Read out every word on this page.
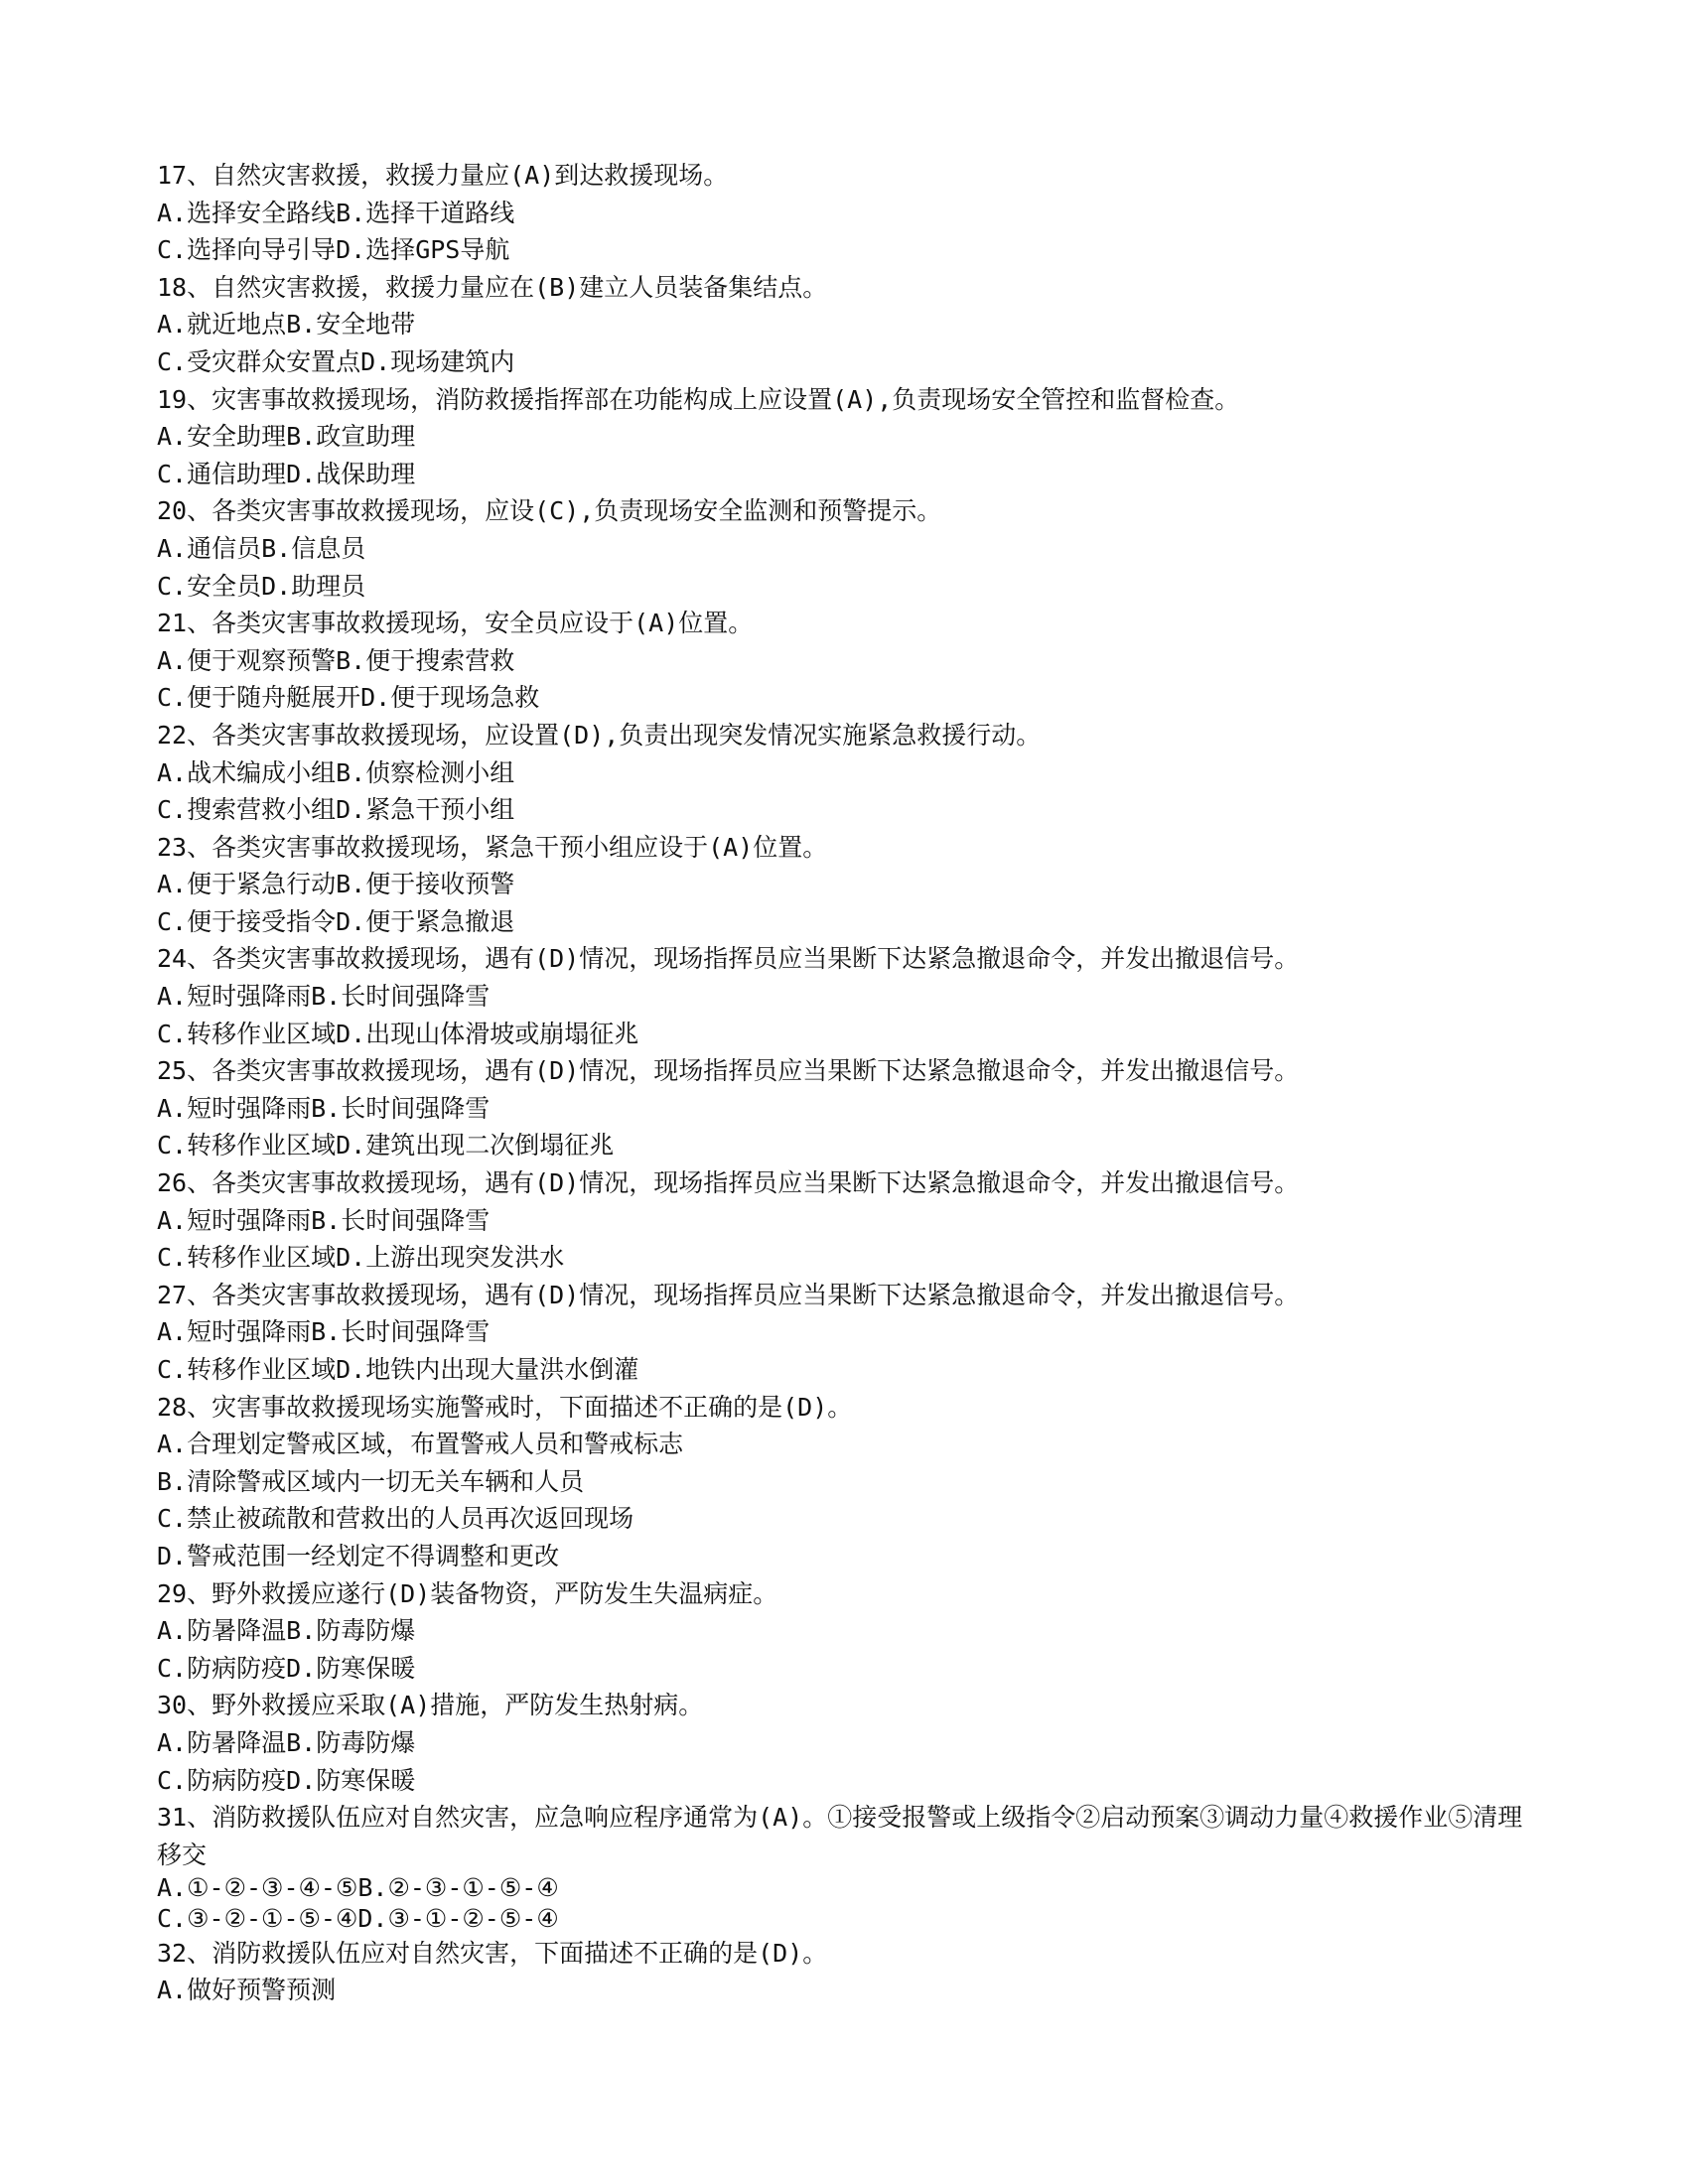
17、自然灾害救援，救援力量应(A)到达救援现场。
A.选择安全路线B.选择干道路线
C.选择向导引导D.选择GPS导航
18、自然灾害救援，救援力量应在(B)建立人员装备集结点。
A.就近地点B.安全地带
C.受灾群众安置点D.现场建筑内
19、灾害事故救援现场，消防救援指挥部在功能构成上应设置(A),负责现场安全管控和监督检查。
A.安全助理B.政宣助理
C.通信助理D.战保助理
20、各类灾害事故救援现场，应设(C),负责现场安全监测和预警提示。
A.通信员B.信息员
C.安全员D.助理员
21、各类灾害事故救援现场，安全员应设于(A)位置。
A.便于观察预警B.便于搜索营救
C.便于随舟艇展开D.便于现场急救
22、各类灾害事故救援现场，应设置(D),负责出现突发情况实施紧急救援行动。
A.战术编成小组B.侦察检测小组
C.搜索营救小组D.紧急干预小组
23、各类灾害事故救援现场，紧急干预小组应设于(A)位置。
A.便于紧急行动B.便于接收预警
C.便于接受指令D.便于紧急撤退
24、各类灾害事故救援现场，遇有(D)情况，现场指挥员应当果断下达紧急撤退命令，并发出撤退信号。
A.短时强降雨B.长时间强降雪
C.转移作业区域D.出现山体滑坡或崩塌征兆
25、各类灾害事故救援现场，遇有(D)情况，现场指挥员应当果断下达紧急撤退命令，并发出撤退信号。
A.短时强降雨B.长时间强降雪
C.转移作业区域D.建筑出现二次倒塌征兆
26、各类灾害事故救援现场，遇有(D)情况，现场指挥员应当果断下达紧急撤退命令，并发出撤退信号。
A.短时强降雨B.长时间强降雪
C.转移作业区域D.上游出现突发洪水
27、各类灾害事故救援现场，遇有(D)情况，现场指挥员应当果断下达紧急撤退命令，并发出撤退信号。
A.短时强降雨B.长时间强降雪
C.转移作业区域D.地铁内出现大量洪水倒灌
28、灾害事故救援现场实施警戒时，下面描述不正确的是(D)。
A.合理划定警戒区域，布置警戒人员和警戒标志
B.清除警戒区域内一切无关车辆和人员
C.禁止被疏散和营救出的人员再次返回现场
D.警戒范围一经划定不得调整和更改
29、野外救援应遂行(D)装备物资，严防发生失温病症。
A.防暑降温B.防毒防爆
C.防病防疫D.防寒保暖
30、野外救援应采取(A)措施，严防发生热射病。
A.防暑降温B.防毒防爆
C.防病防疫D.防寒保暖
31、消防救援队伍应对自然灾害，应急响应程序通常为(A)。①接受报警或上级指令②启动预案③调动力量④救援作业⑤清理移交
A.①-②-③-④-⑤B.②-③-①-⑤-④
C.③-②-①-⑤-④D.③-①-②-⑤-④
32、消防救援队伍应对自然灾害，下面描述不正确的是(D)。
A.做好预警预测
